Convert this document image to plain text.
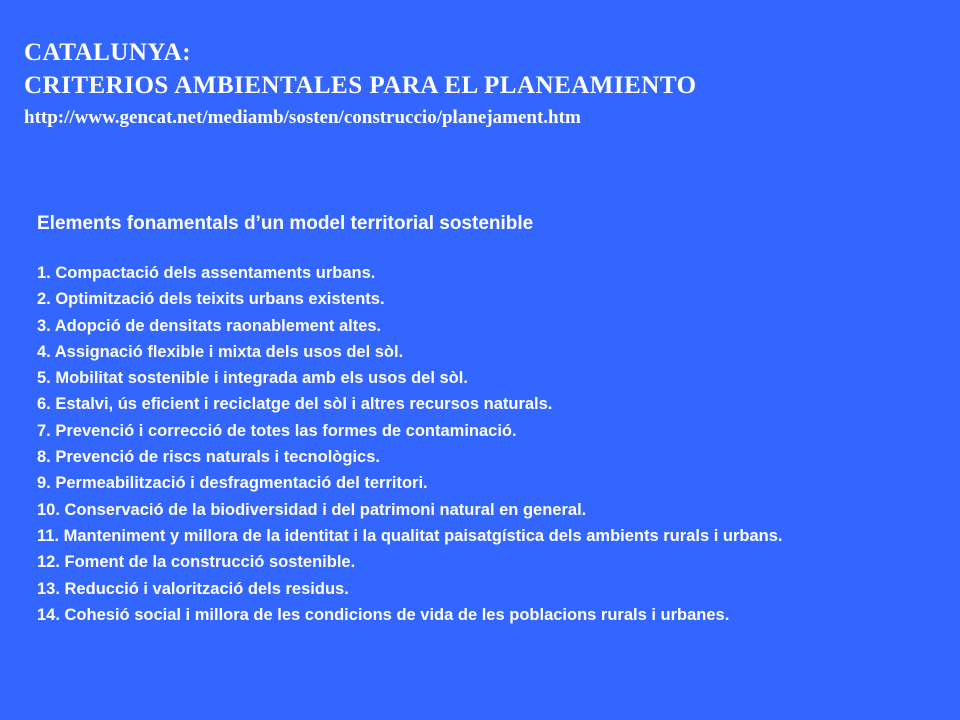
CATALUNYA:
CRITERIOS AMBIENTALES PARA EL PLANEAMIENTO
http://www.gencat.net/mediamb/sosten/construccio/planejament.htm
Elements fonamentals d’un model territorial sostenible
1. Compactació dels assentaments urbans.
2. Optimització dels teixits urbans existents.
3. Adopció de densitats raonablement altes.
4. Assignació flexible i mixta dels usos del sòl.
5. Mobilitat sostenible i integrada amb els usos del sòl.
6. Estalvi, ús eficient i reciclatge del sòl i altres recursos naturals.
7. Prevenció i correcció de totes las formes de contaminació.
8. Prevenció de riscs naturals i tecnològics.
9. Permeabilització i desfragmentació del territori.
10. Conservació de la biodiversidad i del patrimoni natural en general.
11. Manteniment y millora de la identitat i la qualitat paisatgística dels ambients rurals i urbans.
12. Foment de la construcció sostenible.
13. Reducció i valorització dels residus.
14. Cohesió social i millora de les condicions de vida de les poblacions rurals i urbanes.
